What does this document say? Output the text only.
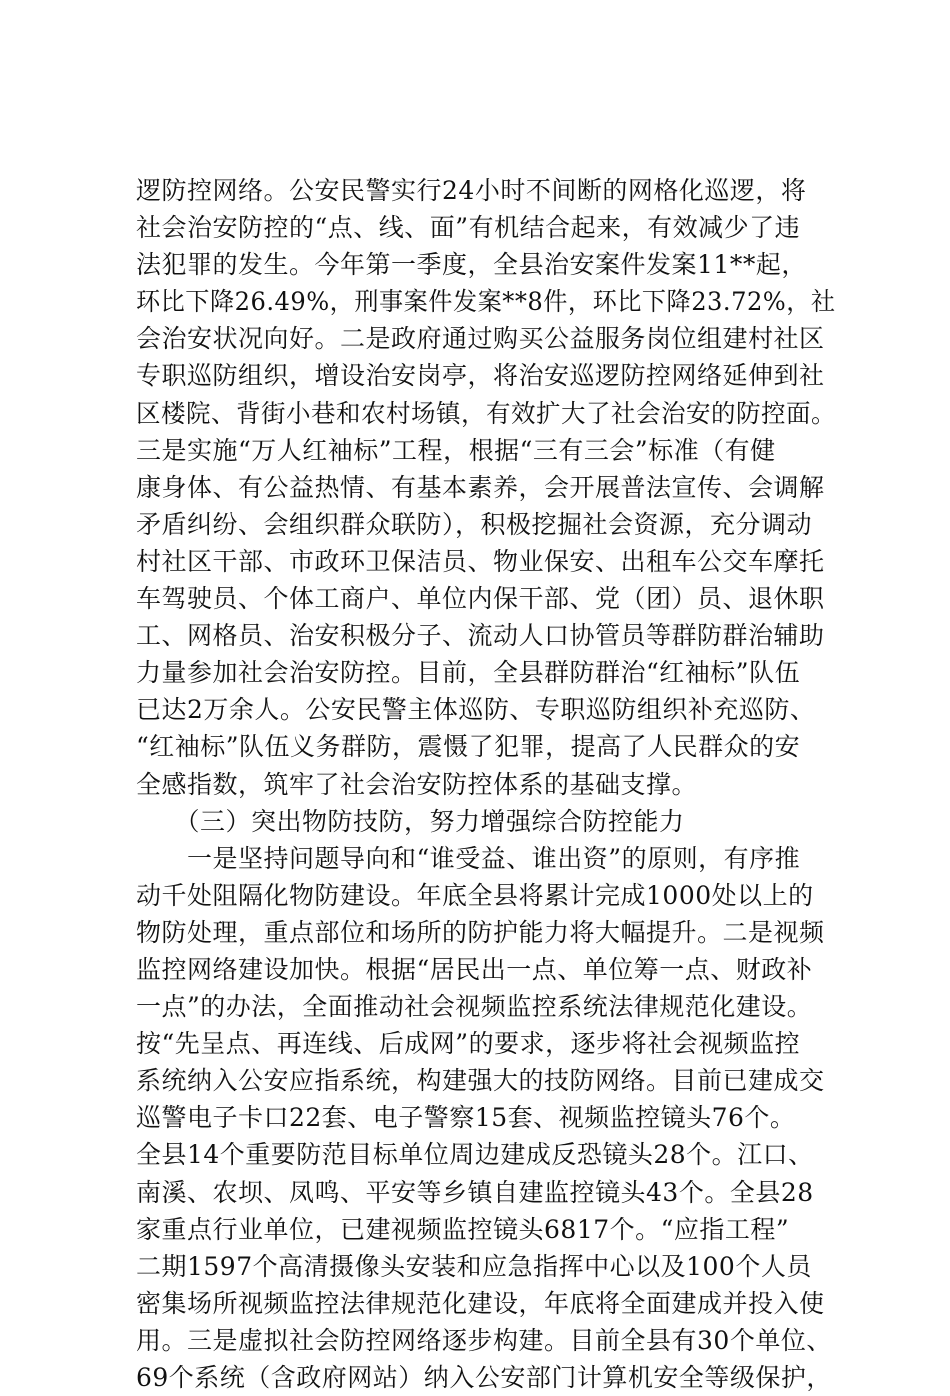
逻防控网络。公安民警实行24小时不间断的网格化巡逻，将
社会治安防控的“点、线、面”有机结合起来，有效减少了违
法犯罪的发生。今年第一季度，全县治安案件发案11**起，
环比下降26.49%，刑事案件发案**8件，环比下降23.72%，社
会治安状况向好。二是政府通过购买公益服务岗位组建村社区
专职巡防组织，增设治安岗亭，将治安巡逻防控网络延伸到社
区楼院、背街小巷和农村场镇，有效扩大了社会治安的防控面。
三是实施“万人红袖标”工程，根据“三有三会”标准（有健
康身体、有公益热情、有基本素养，会开展普法宣传、会调解
矛盾纠纷、会组织群众联防），积极挖掘社会资源，充分调动
村社区干部、市政环卫保洁员、物业保安、出租车公交车摩托
车驾驶员、个体工商户、单位内保干部、党（团）员、退休职
工、网格员、治安积极分子、流动人口协管员等群防群治辅助
力量参加社会治安防控。目前，全县群防群治“红袖标”队伍
已达2万余人。公安民警主体巡防、专职巡防组织补充巡防、
“红袖标”队伍义务群防，震慑了犯罪，提高了人民群众的安
全感指数，筑牢了社会治安防控体系的基础支撑。
　　（三）突出物防技防，努力增强综合防控能力
　　一是坚持问题导向和“谁受益、谁出资”的原则，有序推
动千处阻隔化物防建设。年底全县将累计完成1000处以上的
物防处理，重点部位和场所的防护能力将大幅提升。二是视频
监控网络建设加快。根据“居民出一点、单位筹一点、财政补
一点”的办法，全面推动社会视频监控系统法律规范化建设。
按“先呈点、再连线、后成网”的要求，逐步将社会视频监控
系统纳入公安应指系统，构建强大的技防网络。目前已建成交
巡警电子卡口22套、电子警察15套、视频监控镜头76个。
全县14个重要防范目标单位周边建成反恐镜头28个。江口、
南溪、农坝、凤鸣、平安等乡镇自建监控镜头43个。全县28
家重点行业单位，已建视频监控镜头6817个。“应指工程”
二期1597个高清摄像头安装和应急指挥中心以及100个人员
密集场所视频监控法律规范化建设，年底将全面建成并投入使
用。三是虚拟社会防控网络逐步构建。目前全县有30个单位、
69个系统（含政府网站）纳入公安部门计算机安全等级保护，
